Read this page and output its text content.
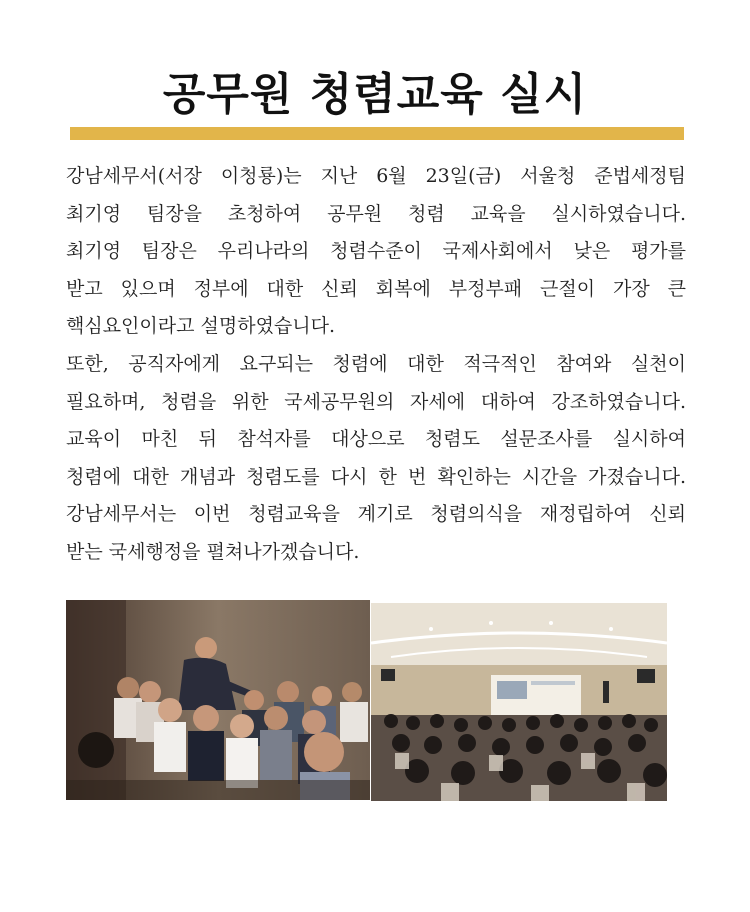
공무원 청렴교육 실시
강남세무서(서장 이청룡)는 지난 6월 23일(금) 서울청 준법세정팀
최기영 팀장을 초청하여 공무원 청렴 교육을 실시하였습니다.
최기영 팀장은 우리나라의 청렴수준이 국제사회에서 낮은 평가를
받고 있으며 정부에 대한 신뢰 회복에 부정부패 근절이 가장 큰
핵심요인이라고 설명하였습니다.
또한, 공직자에게 요구되는 청렴에 대한 적극적인 참여와 실천이
필요하며, 청렴을 위한 국세공무원의 자세에 대하여 강조하였습니다.
교육이 마친 뒤 참석자를 대상으로 청렴도 설문조사를 실시하여
청렴에 대한 개념과 청렴도를 다시 한 번 확인하는 시간을 가졌습니다.
강남세무서는 이번 청렴교육을 계기로 청렴의식을 재정립하여 신뢰
받는 국세행정을 펼쳐나가겠습니다.
